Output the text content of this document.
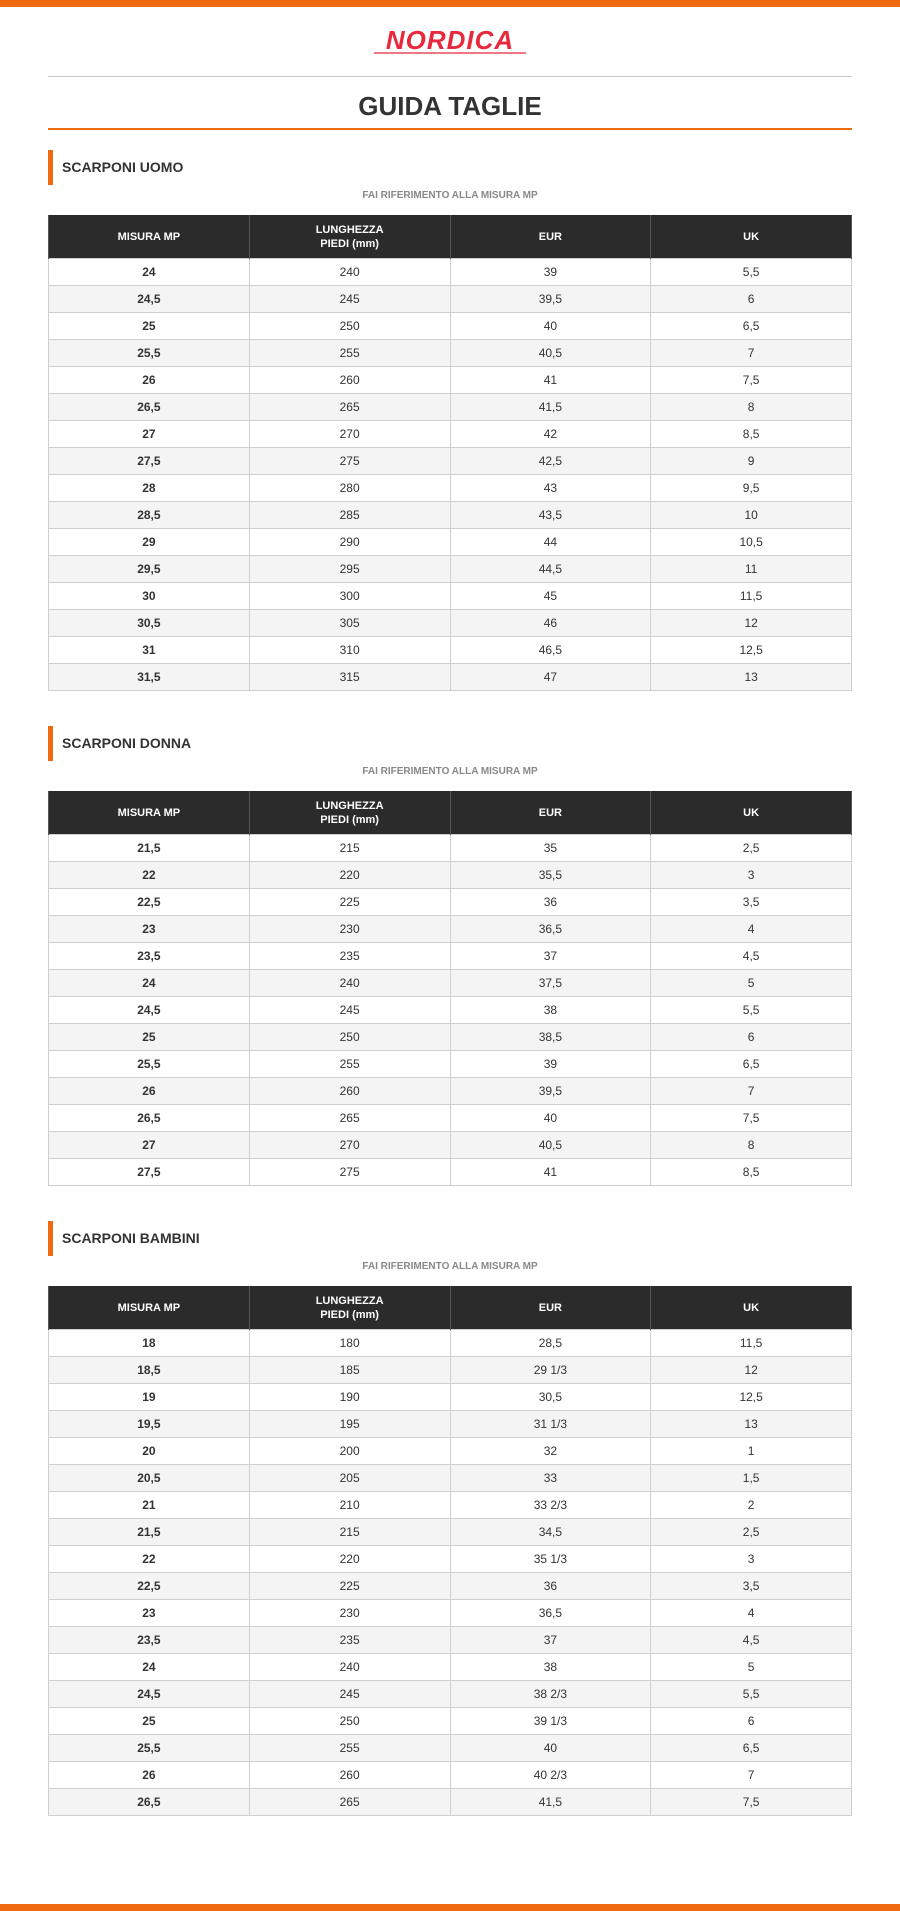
NORDICA
GUIDA TAGLIE
SCARPONI UOMO
FAI RIFERIMENTO ALLA MISURA MP
MISURA MP	LUNGHEZZA
PIEDI (mm)	EUR	UK
24	240	39	5,5
24,5	245	39,5	6
25	250	40	6,5
25,5	255	40,5	7
26	260	41	7,5
26,5	265	41,5	8
27	270	42	8,5
27,5	275	42,5	9
28	280	43	9,5
28,5	285	43,5	10
29	290	44	10,5
29,5	295	44,5	11
30	300	45	11,5
30,5	305	46	12
31	310	46,5	12,5
31,5	315	47	13
SCARPONI DONNA
FAI RIFERIMENTO ALLA MISURA MP
MISURA MP	LUNGHEZZA
PIEDI (mm)	EUR	UK
21,5	215	35	2,5
22	220	35,5	3
22,5	225	36	3,5
23	230	36,5	4
23,5	235	37	4,5
24	240	37,5	5
24,5	245	38	5,5
25	250	38,5	6
25,5	255	39	6,5
26	260	39,5	7
26,5	265	40	7,5
27	270	40,5	8
27,5	275	41	8,5
SCARPONI BAMBINI
FAI RIFERIMENTO ALLA MISURA MP
MISURA MP	LUNGHEZZA
PIEDI (mm)	EUR	UK
18	180	28,5	11,5
18,5	185	29 1/3	12
19	190	30,5	12,5
19,5	195	31 1/3	13
20	200	32	1
20,5	205	33	1,5
21	210	33 2/3	2
21,5	215	34,5	2,5
22	220	35 1/3	3
22,5	225	36	3,5
23	230	36,5	4
23,5	235	37	4,5
24	240	38	5
24,5	245	38 2/3	5,5
25	250	39 1/3	6
25,5	255	40	6,5
26	260	40 2/3	7
26,5	265	41,5	7,5
